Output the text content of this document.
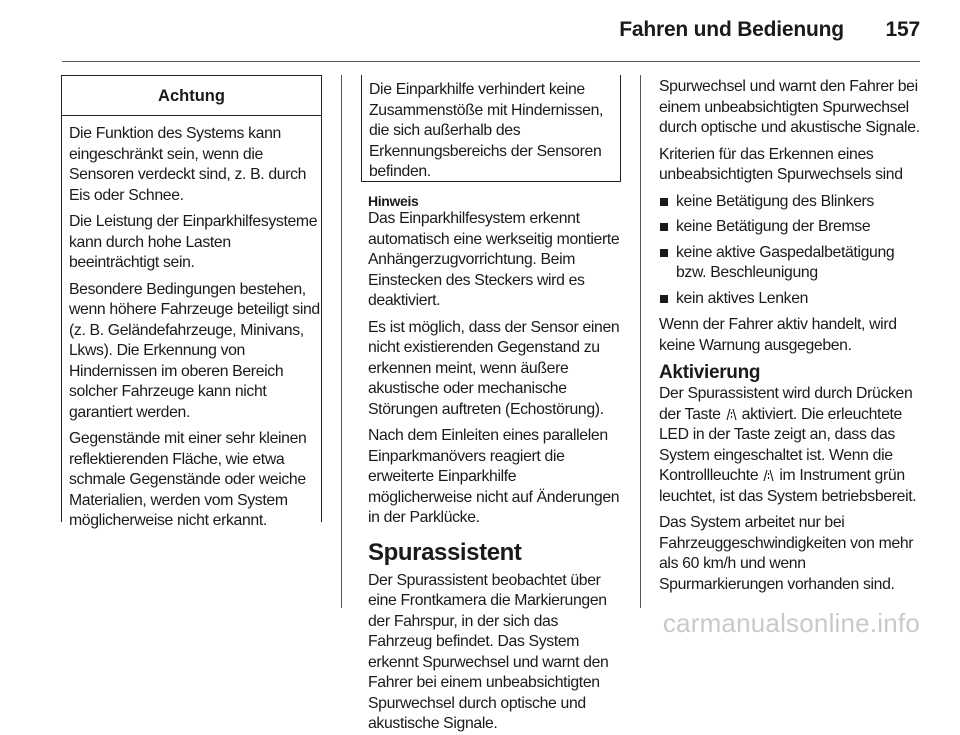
Fahren und Bedienung 157
Achtung

Die Funktion des Systems kann eingeschränkt sein, wenn die Sensoren verdeckt sind, z. B. durch Eis oder Schnee.

Die Leistung der Einparkhilfesysteme kann durch hohe Lasten beeinträchtigt sein.

Besondere Bedingungen bestehen, wenn höhere Fahrzeuge beteiligt sind (z. B. Geländefahrzeuge, Minivans, Lkws). Die Erkennung von Hindernissen im oberen Bereich solcher Fahrzeuge kann nicht garantiert werden.

Gegenstände mit einer sehr kleinen reflektierenden Fläche, wie etwa schmale Gegenstände oder weiche Materialien, werden vom System möglicherweise nicht erkannt.

Die Einparkhilfe verhindert keine Zusammenstöße mit Hindernissen, die sich außerhalb des Erkennungsbereichs der Sensoren befinden.

Hinweis

Das Einparkhilfesystem erkennt automatisch eine werkseitig montierte Anhängerzugvorrichtung. Beim Einstecken des Steckers wird es deaktiviert.

Es ist möglich, dass der Sensor einen nicht existierenden Gegenstand zu erkennen meint, wenn äußere akustische oder mechanische Störungen auftreten (Echostörung).

Nach dem Einleiten eines parallelen Einparkmanövers reagiert die erweiterte Einparkhilfe möglicherweise nicht auf Änderungen in der Parklücke.

Spurassistent

Der Spurassistent beobachtet über eine Frontkamera die Markierungen der Fahrspur, in der sich das Fahrzeug befindet. Das System erkennt Spurwechsel und warnt den Fahrer bei einem unbeabsichtigten Spurwechsel durch optische und akustische Signale.

Spurwechsel und warnt den Fahrer bei einem unbeabsichtigten Spurwechsel durch optische und akustische Signale.

Kriterien für das Erkennen eines unbeabsichtigten Spurwechsels sind

keine Betätigung des Blinkers
keine Betätigung der Bremse
keine aktive Gaspedalbetätigung bzw. Beschleunigung
kein aktives Lenken

Wenn der Fahrer aktiv handelt, wird keine Warnung ausgegeben.

Aktivierung

Der Spurassistent wird durch Drücken der Taste aktiviert. Die erleuchtete LED in der Taste zeigt an, dass das System eingeschaltet ist. Wenn die Kontrollleuchte im Instrument grün leuchtet, ist das System betriebsbereit.

Das System arbeitet nur bei Fahrzeuggeschwindigkeiten von mehr als 60 km/h und wenn Spurmarkierungen vorhanden sind.

carmanualsonline.info
